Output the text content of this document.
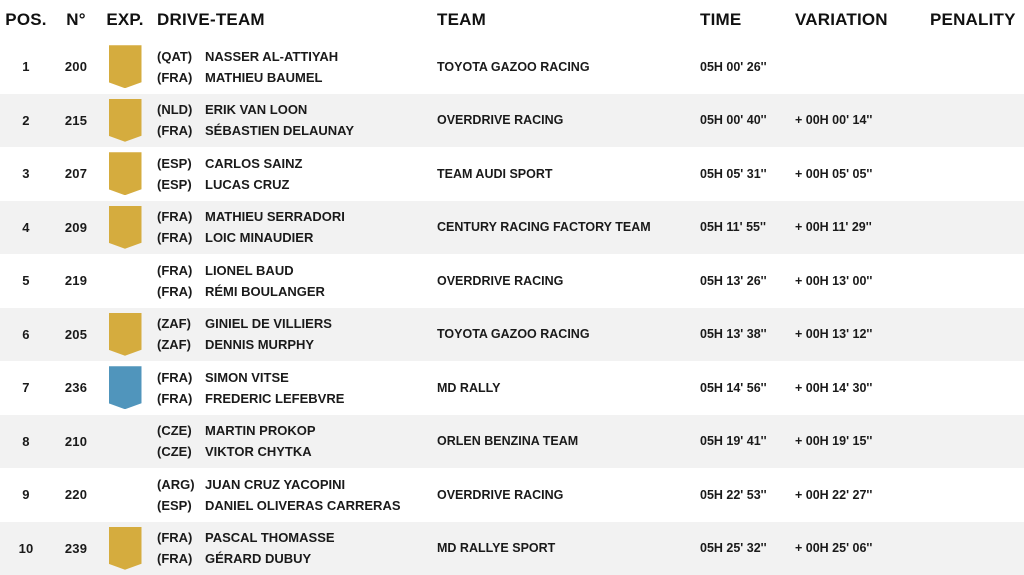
POS.	N°	EXP. DRIVE-TEAM	TEAM	TIME	VARIATION	PENALITY
1	200
(QAT) NASSER AL-ATTIYAH
(FRA) MATHIEU BAUMEL
TOYOTA GAZOO RACING	05H 00' 26''
2	215
(NLD) ERIK VAN LOON
(FRA) SÉBASTIEN DELAUNAY
OVERDRIVE RACING	05H 00' 40''	+ 00H 00' 14''
3	207
(ESP) CARLOS SAINZ
(ESP) LUCAS CRUZ
TEAM AUDI SPORT	05H 05' 31''	+ 00H 05' 05''
4	209
(FRA) MATHIEU SERRADORI
(FRA) LOIC MINAUDIER
CENTURY RACING FACTORY TEAM	05H 11' 55''	+ 00H 11' 29''
5	219
(FRA) LIONEL BAUD
(FRA) RÉMI BOULANGER
OVERDRIVE RACING	05H 13' 26''	+ 00H 13' 00''
6	205
(ZAF) GINIEL DE VILLIERS
(ZAF) DENNIS MURPHY
TOYOTA GAZOO RACING	05H 13' 38''	+ 00H 13' 12''
7	236
(FRA) SIMON VITSE
(FRA) FREDERIC LEFEBVRE
MD RALLY	05H 14' 56''	+ 00H 14' 30''
8	210
(CZE) MARTIN PROKOP
(CZE) VIKTOR CHYTKA
ORLEN BENZINA TEAM	05H 19' 41''	+ 00H 19' 15''
9	220
(ARG) JUAN CRUZ YACOPINI
(ESP) DANIEL OLIVERAS CARRERAS
OVERDRIVE RACING	05H 22' 53''	+ 00H 22' 27''
10	239
(FRA) PASCAL THOMASSE
(FRA) GÉRARD DUBUY
MD RALLYE SPORT	05H 25' 32''	+ 00H 25' 06''
